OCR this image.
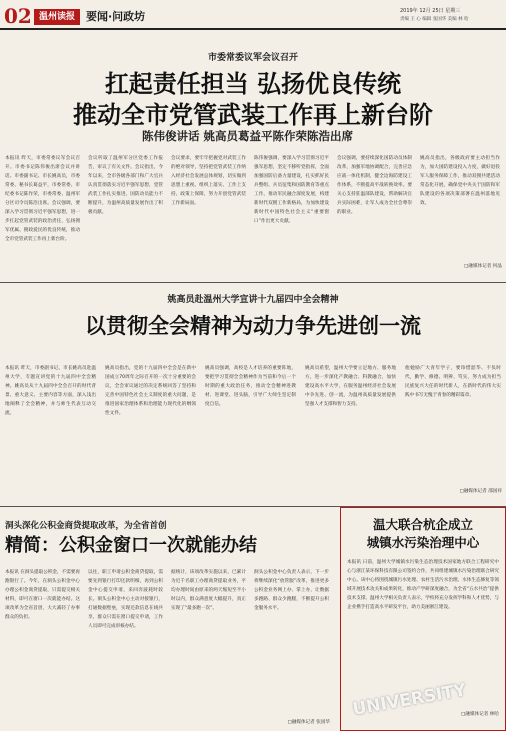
02 温州读报	要闻·问政坊	2019年 12月 25日 星期三
责编 王 心 编辑 张国华 美编 林 哈
市委常委议军会议召开
扛起责任担当 弘扬优良传统
推动全市党管武装工作再上新台阶
陈伟俊讲话 姚高员葛益平陈作荣陈浩出席
本报讯 昨天，市委常委议军会议召开。市委书记陈伟俊出席会议并讲话。市委副书记、市长姚高员，市委常委、秘书长葛益平，市委常委、市纪委书记陈作荣，市委常委、温州军分区司令员陈浩出席。会议强调，要深入学习贯彻习近平强军思想，进一步扛起党管武装的政治责任，弘扬拥军优属、拥政爱民的优良传统，推动全市党管武装工作再上新台阶。
会议听取了温州军分区党委工作报告，审议了有关文件。会议指出，今年以来，全市各级各部门和广大官兵认真贯彻落实习近平强军思想，党管武装工作扎实推进，国防动员能力不断提升，为温州高质量发展作出了积极贡献。
会议要求，要牢牢把握党对武装工作的绝对领导，坚持把党管武装工作纳入经济社会发展总体规划，切实做到思想上重视、组织上落实、工作上支持、政策上保障，努力开创党管武装工作新局面。
陈伟俊强调，要深入学习贯彻习近平强军思想，坚定不移听党指挥，全面加强国防后备力量建设，扎实抓好民兵整组、兵员征集和国防教育等重点工作，推动军民融合深度发展，构建新时代双拥工作新格局，为加快建设新时代中国特色社会主义“重要窗口”作出更大贡献。
会议强调，要持续深化国防动员体制改革，加强军地协调配合，完善应急应战一体化机制，健全边海防建设工作体系，不断提高平战转换效率。要关心支持驻温部队建设，帮助解决官兵实际困难，让军人成为全社会尊崇的职业。
姚高员指出，各级政府要主动担当作为，加大国防建设投入力度，做好退役军人服务保障工作，推动双拥共建活动常态化开展，确保党中央关于国防和军队建设的各项决策部署在温州落地见效。
□融媒体记者 何晶
姚高员赴温州大学宣讲十九届四中全会精神
以贯彻全会精神为动力争先进创一流
本报讯 昨天，市委副书记、市长姚高员赴温州大学，专题宣讲党的十九届四中全会精神。姚高员从十九届四中全会召开的时代背景、重大意义、主要内容等方面，深入浅出地阐释了全会精神，并与师生代表互动交流。
姚高员指出，党的十九届四中全会是在新中国成立70周年之际召开的一次十分重要的会议，全会审议通过的决定系统回答了坚持和完善中国特色社会主义制度的重大问题，是推进国家治理体系和治理能力现代化的纲领性文件。
姚高员强调，高校是人才培养的重要阵地，要把学习贯彻全会精神作为当前和今后一个时期的重大政治任务，推动全会精神进教材、进课堂、进头脑，引导广大师生坚定制度自信。
姚高员希望，温州大学要立足地方、服务地方，进一步深化产教融合、科教融合，加快建设高水平大学，在服务温州经济社会发展中争先进、创一流，为温州高质量发展提供坚强人才支撑和智力支持。
他勉励广大青年学子，要珍惜韶华、不负时代，勤学、修德、明辨、笃实，努力成为担当民族复兴大任的时代新人，在新时代的伟大实践中书写无愧于青春的精彩篇章。
□融媒体记者 邵国祥
洞头深化公积金商贷提取改革，为全省首创
精简：公积金窗口一次就能办结
本报讯 在洞头提取公积金，不需要再跑银行了。今年，在洞头公积金中心办理公积金商贷提取，只需提交相关材料，即可在窗口一次就能办结。这项改革为全省首创，大大减轻了办事群众的负担。
以往，职工申请公积金商贷提取，需要先到银行打印还款明细，再到公积金中心提交申请，来回奔波耗时较长。洞头公积金中心主动对接银行，打通数据壁垒，实现还款信息在线共享，群众只需在窗口提交申请，工作人员即可完成审核办结。
据统计，该项改革实施以来，已累计为近千名职工办理商贷提取业务，平均办理时间由原来的两天缩短至半小时以内，群众满意度大幅提升，真正实现了“最多跑一次”。
洞头公积金中心负责人表示，下一步将继续深化“放管服”改革，推进更多公积金业务网上办、掌上办，让数据多跑路、群众少跑腿，不断提升公积金服务水平。
□融媒体记者 张国华
温大联合杭企成立
城镇水污染治理中心
本报讯 日前，温州大学城镇水污染生态治理技术国家地方联合工程研究中心与浙江某环保科技有限公司签约合作，共同组建城镇水污染治理联合研究中心。该中心将围绕城镇污水处理、农村生活污水治理、水体生态修复等领域开展技术攻关和成果转化，推动产学研深度融合，为全省“五水共治”提供技术支撑。温州大学相关负责人表示，学校将充分发挥学科和人才优势，与企业携手打造高水平研发平台，助力美丽浙江建设。
□融媒体记者 林哈
UNIVERSITY
